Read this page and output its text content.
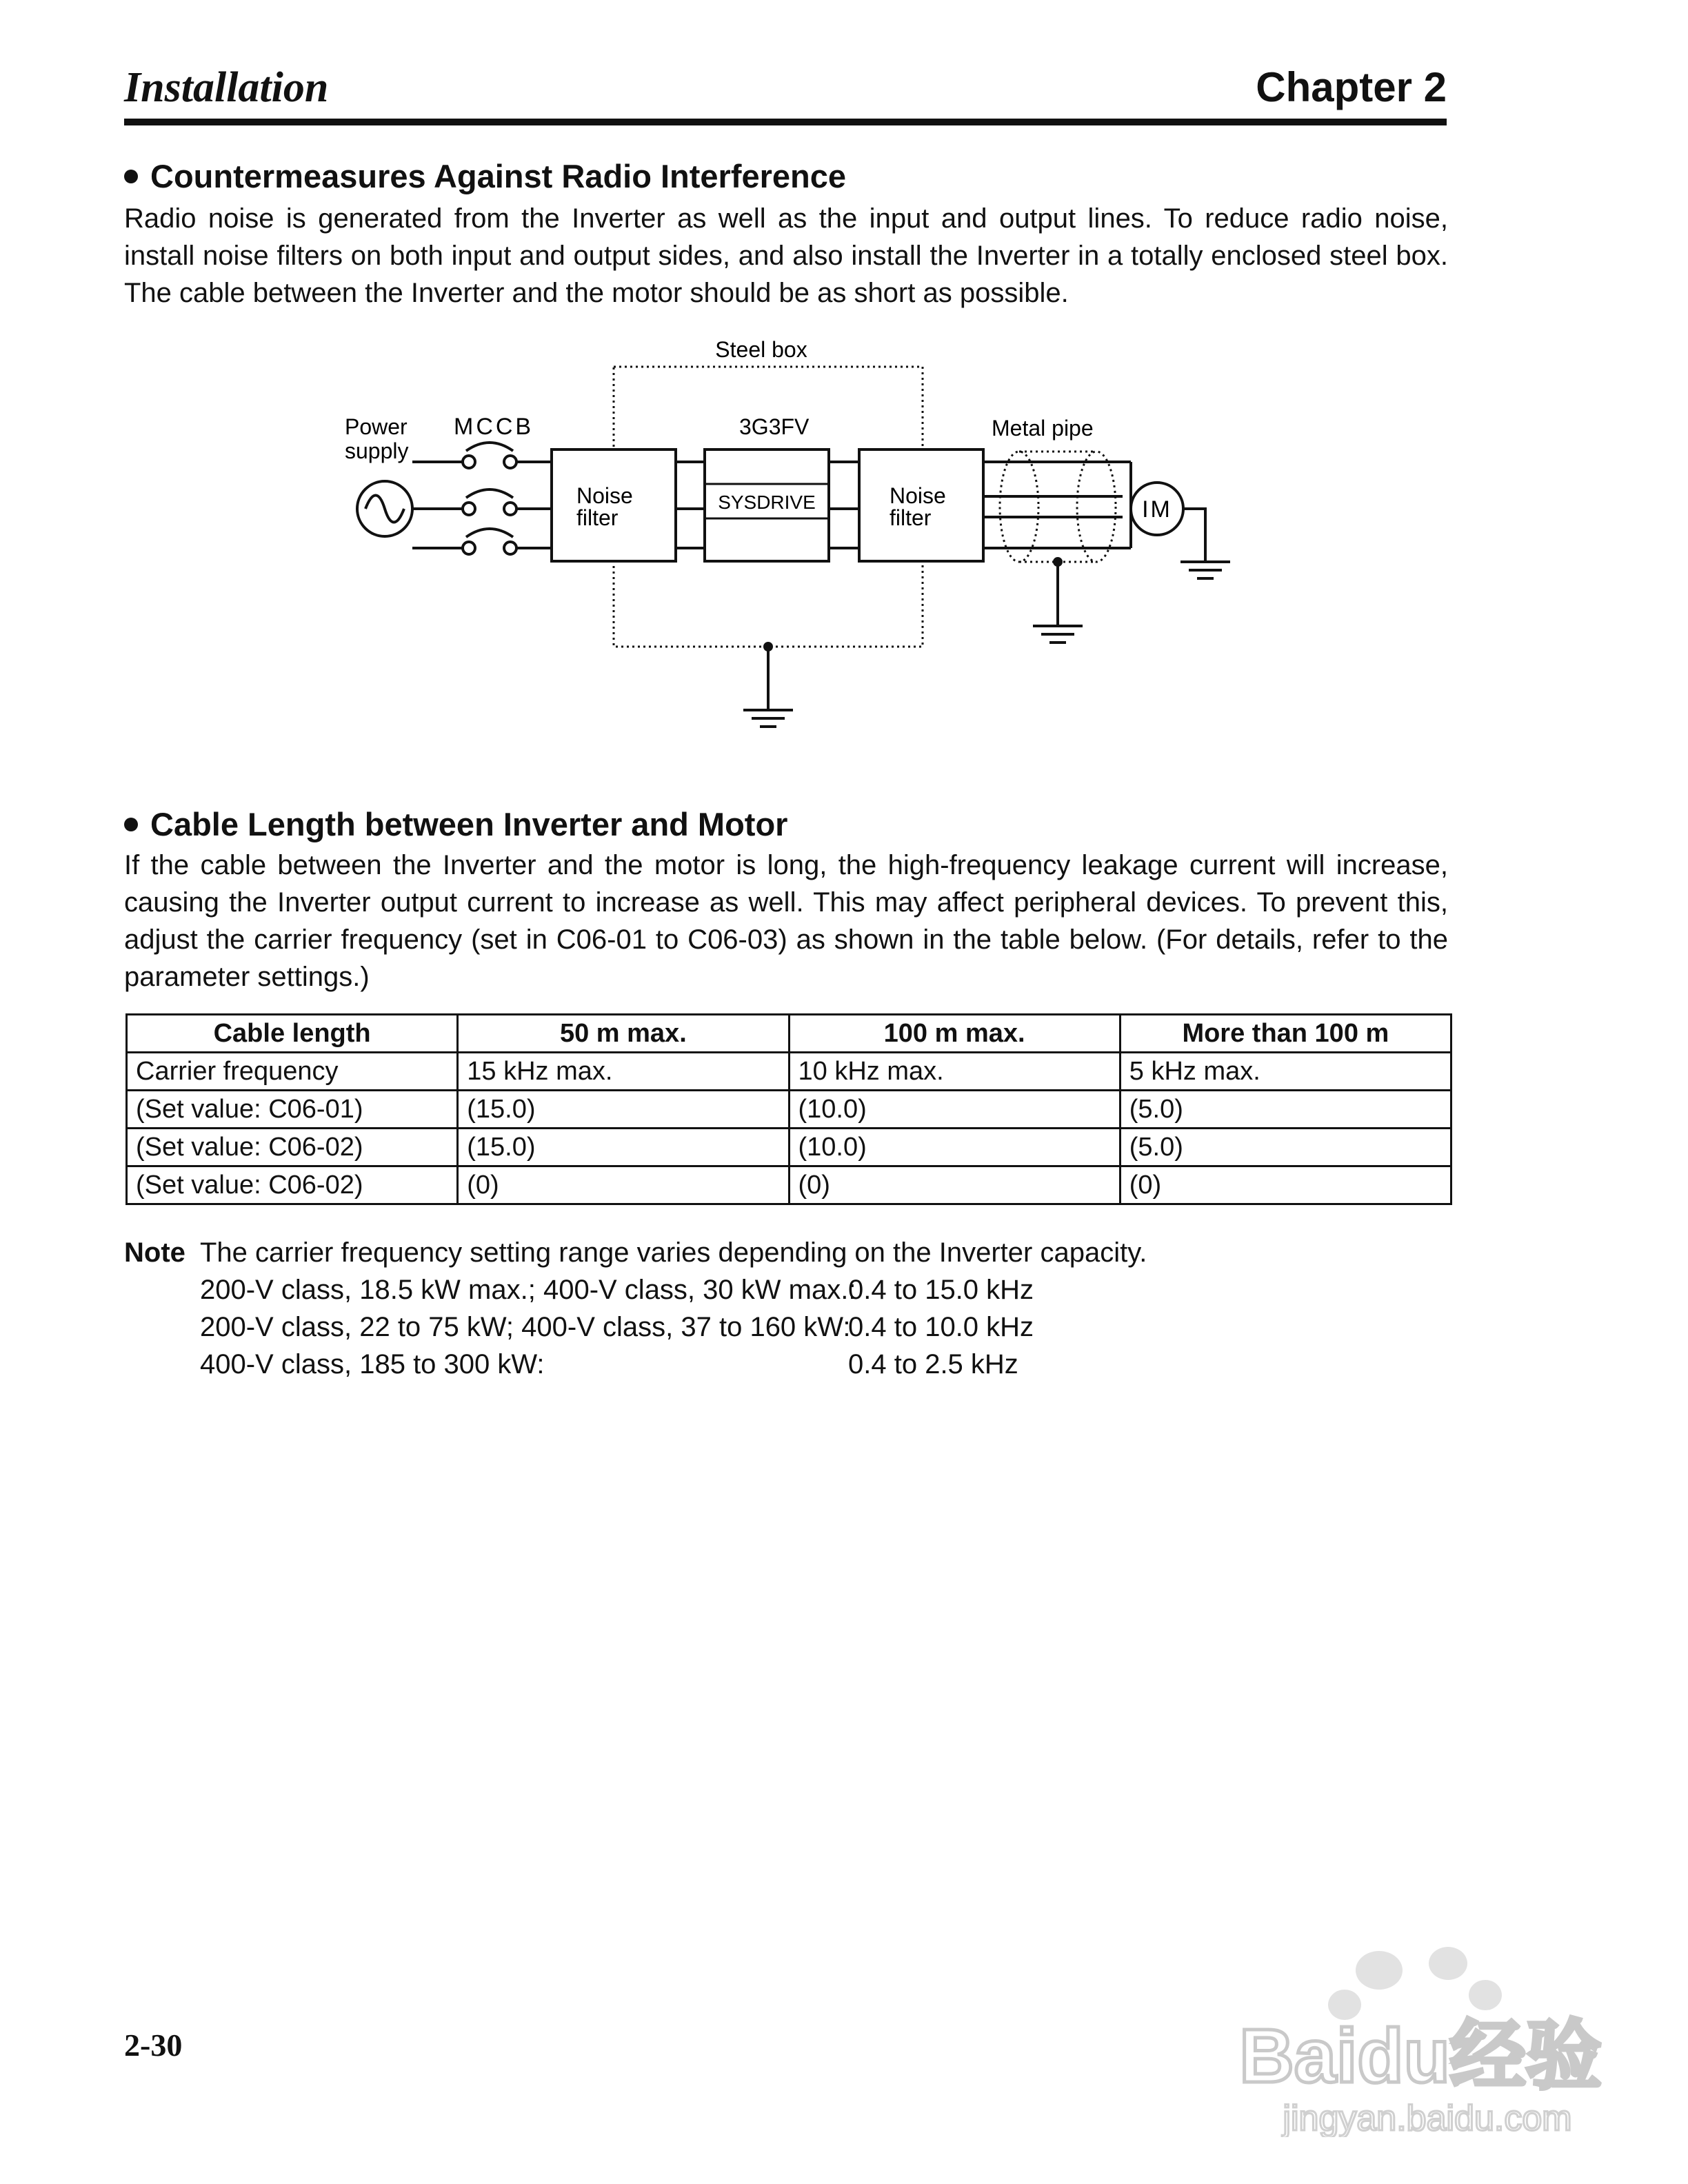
Installation	Chapter 2
Countermeasures Against Radio Interference
Radio noise is generated from the Inverter as well as the input and output lines. To reduce radio noise, install noise filters on both input and output sides, and also install the Inverter in a totally enclosed steel box. The cable between the Inverter and the motor should be as short as possible.
Steel box
Power
supply
MCCB
Noise
filter
3G3FV
SYSDRIVE	Noise
filter
Metal pipe
IM
Cable Length between Inverter and Motor
If the cable between the Inverter and the motor is long, the high-frequency leakage current will increase, causing the Inverter output current to increase as well. This may affect peripheral devices. To prevent this, adjust the carrier frequency (set in C06-01 to C06-03) as shown in the table below. (For details, refer to the parameter settings.)
Cable length	50 m max.	100 m max.	More than 100 m
Carrier frequency	15 kHz max.	10 kHz max.	5 kHz max.
(Set value: C06-01)	(15.0)	(10.0)	(5.0)
(Set value: C06-02)	(15.0)	(10.0)	(5.0)
(Set value: C06-02)	(0)	(0)	(0)
Note The carrier frequency setting range varies depending on the Inverter capacity.
200-V class, 18.5 kW max.; 400-V class, 30 kW max.:0.4 to 15.0 kHz
200-V class, 22 to 75 kW; 400-V class, 37 to 160 kW:0.4 to 10.0 kHz
400-V class, 185 to 300 kW:	0.4 to 2.5 kHz
2-30	Baidu经验
jingyan.baidu.com
